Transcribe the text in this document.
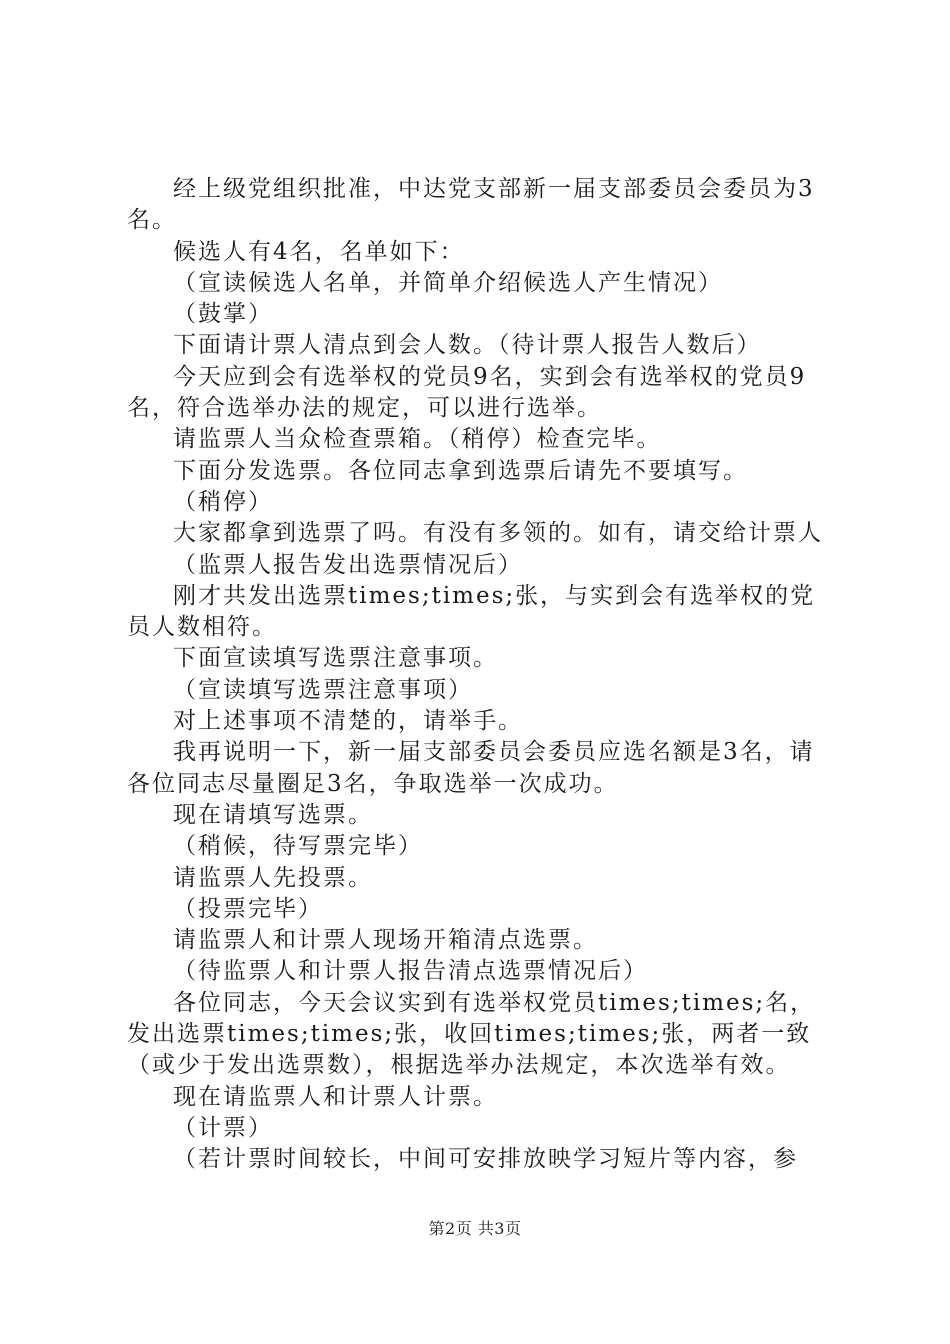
经上级党组织批准，中达党支部新一届支部委员会委员为3名。

候选人有4名，名单如下：

（宣读候选人名单，并简单介绍候选人产生情况）

（鼓掌）

下面请计票人清点到会人数。（待计票人报告人数后）

今天应到会有选举权的党员9名，实到会有选举权的党员9名，符合选举办法的规定，可以进行选举。

请监票人当众检查票箱。（稍停）检查完毕。

下面分发选票。各位同志拿到选票后请先不要填写。

（稍停）

大家都拿到选票了吗。有没有多领的。如有，请交给计票人

（监票人报告发出选票情况后）

刚才共发出选票times;times;张，与实到会有选举权的党员人数相符。

下面宣读填写选票注意事项。

（宣读填写选票注意事项）

对上述事项不清楚的，请举手。

我再说明一下，新一届支部委员会委员应选名额是3名，请各位同志尽量圈足3名，争取选举一次成功。

现在请填写选票。

（稍候，待写票完毕）

请监票人先投票。

（投票完毕）

请监票人和计票人现场开箱清点选票。

（待监票人和计票人报告清点选票情况后）

各位同志，今天会议实到有选举权党员times;times;名，发出选票times;times;张，收回times;times;张，两者一致（或少于发出选票数），根据选举办法规定，本次选举有效。

现在请监票人和计票人计票。

（计票）

（若计票时间较长，中间可安排放映学习短片等内容，参

第2页 共3页
